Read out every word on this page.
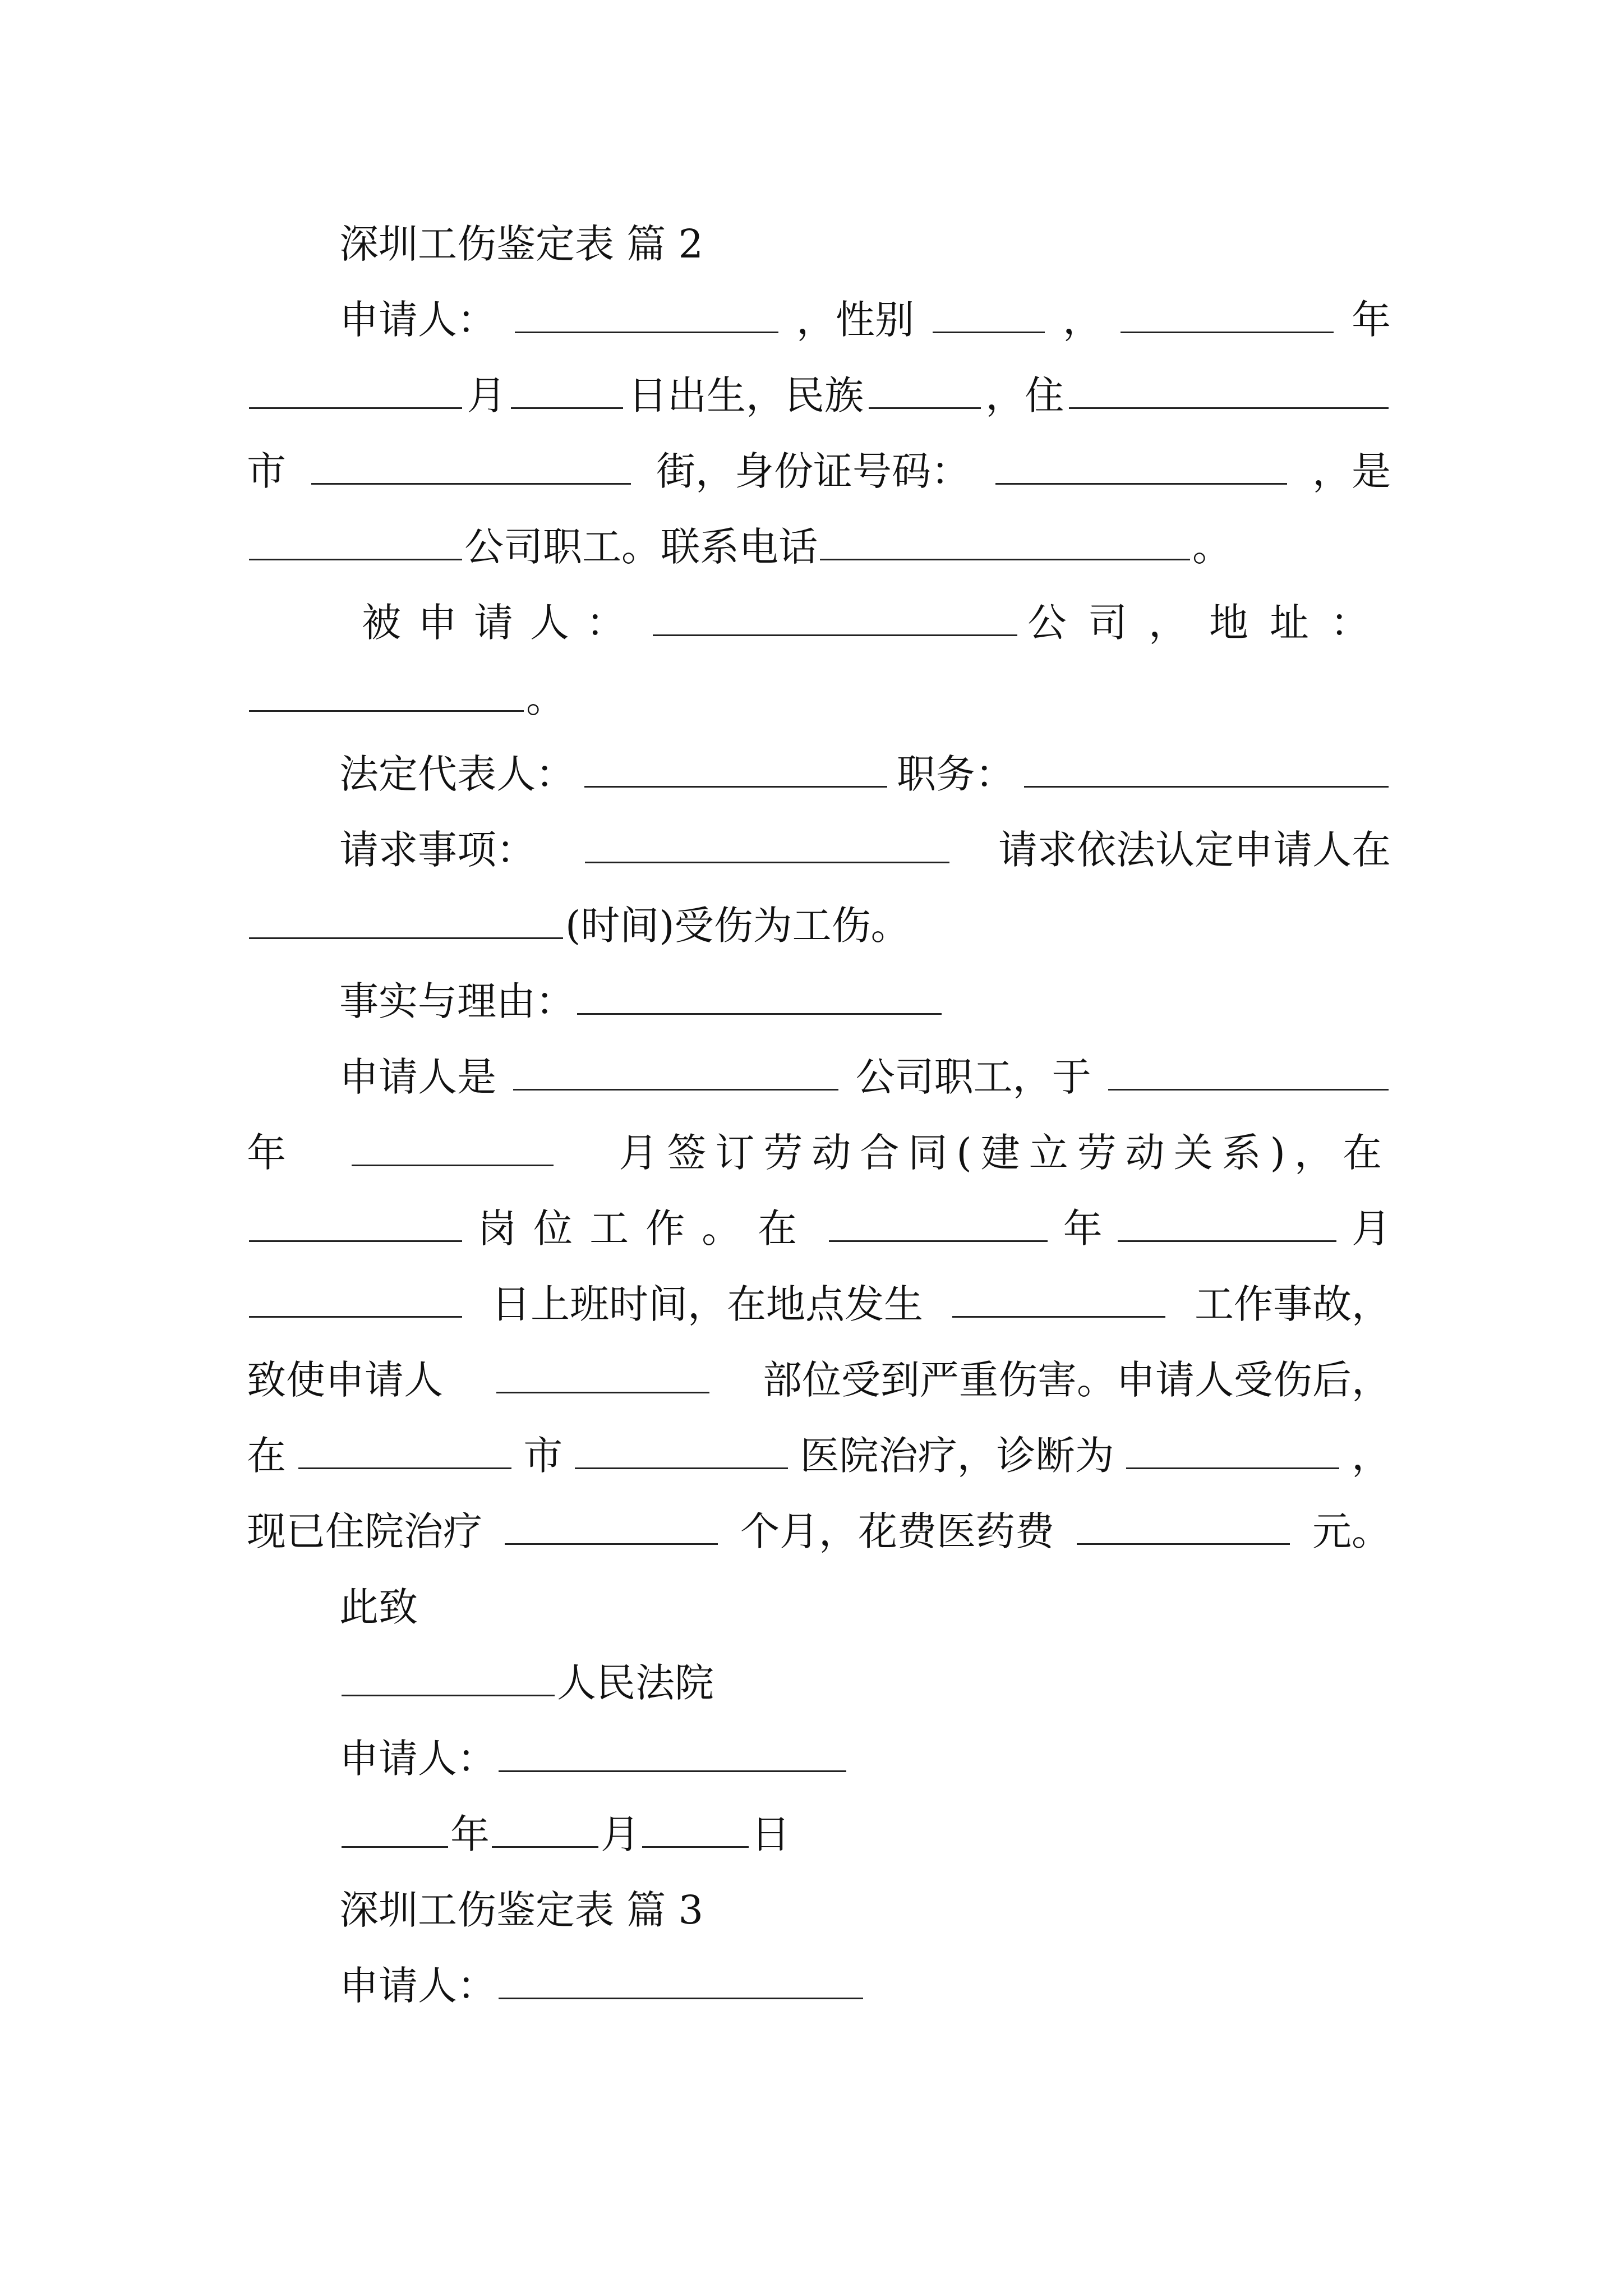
深圳工伤鉴定表 篇 2
申请人：	，性别	，	年
月	日出生，民族	，住
市	街，身份证号码：	，是
公司职工。联系电话	。
被申请人：	公司，地址：
。
法定代表人：	职务：
请求事项：	请求依法认定申请人在
(时间)受伤为工伤。
事实与理由：
申请人是	公司职工，于
年	月签订劳动合同(建立劳动关系)，在
岗位工作。在	年	月
日上班时间，在地点发生	工作事故，
致使申请人	部位受到严重伤害。申请人受伤后，
在	市	医院治疗，诊断为	，
现已住院治疗	个月，花费医药费	元。
此致
人民法院
申请人：
年	月	日
深圳工伤鉴定表 篇 3
申请人：
